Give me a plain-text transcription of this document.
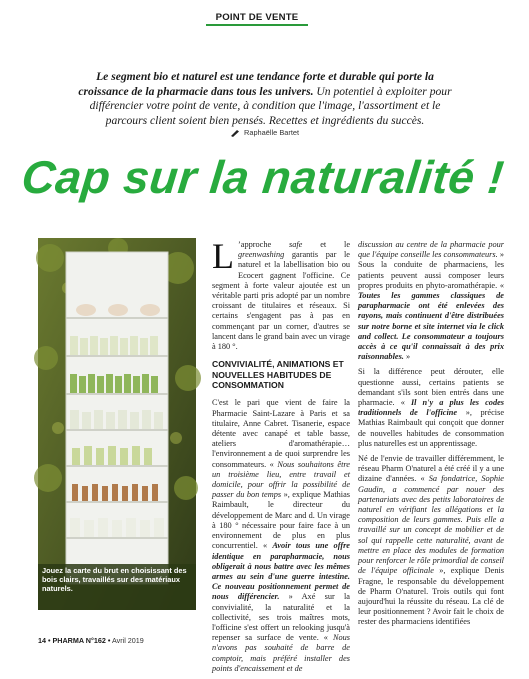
POINT DE VENTE
Le segment bio et naturel est une tendance forte et durable qui porte la croissance de la pharmacie dans tous les univers. Un potentiel à exploiter pour différencier votre point de vente, à condition que l'image, l'assortiment et le parcours client soient bien pensés. Recettes et ingrédients du succès.
Raphaëlle Bartet
Cap sur la naturalité !
Jouez la carte du brut en choisissant des bois clairs, travaillés sur des matériaux naturels.

L ’approche safe et le greenwashing garantis par le naturel et la labellisation bio ou Ecocert gagnent l'officine. Ce segment à forte valeur ajoutée est un véritable parti pris adopté par un nombre croissant de titulaires et réseaux. Si certains s'engagent pas à pas en commençant par un corner, d'autres se lancent dans le grand bain avec un virage à 180 °.

CONVIVIALITÉ, ANIMATIONS ET NOUVELLES HABITUDES DE CONSOMMATION

C'est le pari que vient de faire la Pharmacie Saint-Lazare à Paris et sa titulaire, Anne Cabret. Tisanerie, espace détente avec canapé et table basse, ateliers d'aromathérapie… l'environnement a de quoi surprendre les consommateurs. « Nous souhaitons être un troisième lieu, entre travail et domicile, pour offrir la possibilité de passer du bon temps », explique Mathias Raimbault, le directeur du développement de Marc and d. Un virage à 180 ° nécessaire pour faire face à un environnement de plus en plus concurrentiel. « Avoir tous une offre identique en parapharmacie, nous obligerait à nous battre avec les mêmes armes au sein d'une guerre intestine. Ce nouveau positionnement permet de nous différencier. » Axé sur la convivialité, la naturalité et la collectivité, ses trois maîtres mots, l'officine s'est offert un relooking jusqu'à repenser sa surface de vente. « Nous n'avons pas souhaité de barre de comptoir, mais préféré installer des points d'encaissement et de

discussion au centre de la pharmacie pour que l'équipe conseille les consommateurs. » Sous la conduite de pharmaciens, les patients peuvent aussi composer leurs propres produits en phyto-aromathérapie. « Toutes les gammes classiques de parapharmacie ont été enlevées des rayons, mais continuent d'être distribuées sur notre borne et site internet via le click and collect. Le consommateur a toujours accès à ce qu'il connaissait à des prix raisonnables. »

Si la différence peut dérouter, elle questionne aussi, certains patients se demandant s'ils sont bien entrés dans une pharmacie. « Il n'y a plus les codes traditionnels de l'officine », précise Mathias Raimbault qui conçoit que donner de nouvelles habitudes de consommation plus naturelles est un apprentissage.

Né de l'envie de travailler différemment, le réseau Pharm O'naturel a été créé il y a une dizaine d'années. « Sa fondatrice, Sophie Gaudin, a commencé par nouer des partenariats avec des petits laboratoires de naturel en vérifiant les allégations et la composition de leurs gammes. Puis elle a travaillé sur un concept de mobilier et de sol qui rappelle cette naturalité, avant de mettre en place des modules de formation pour renforcer le rôle primordial de conseil de l'équipe officinale », explique Denis Fragne, le responsable du développement de Pharm O'naturel. Trois outils qui font aujourd'hui la réussite du réseau. La clé de leur positionnement ? Avoir fait le choix de rester des pharmaciens identifiées

14 • PHARMA N°162 • Avril 2019
